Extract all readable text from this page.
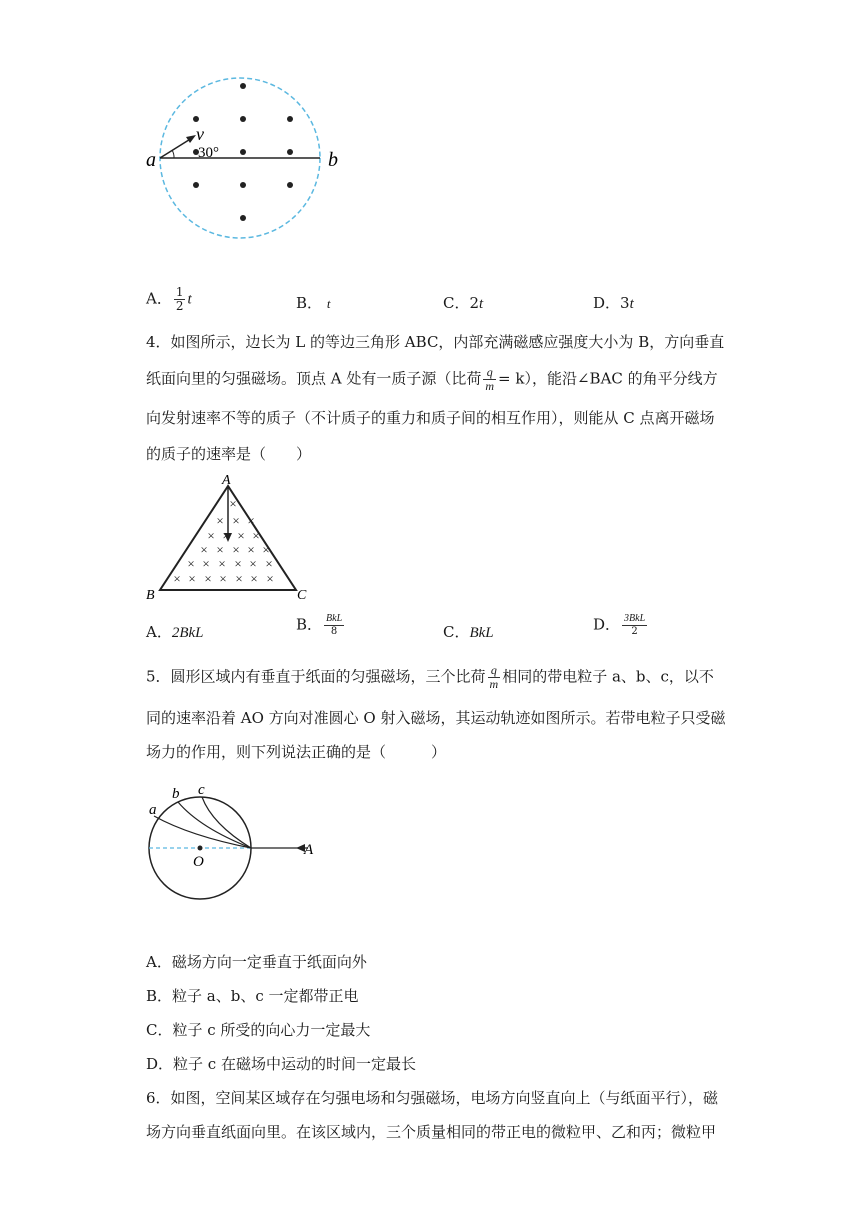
a	b
v
30°
A． $\frac{1}{2}$ t	B． t	C．2t	D．3t
4．如图所示，边长为 L 的等边三角形 ABC，内部充满磁感应强度大小为 B，方向垂直
纸面向里的匀强磁场。顶点 A 处有一质子源（比荷 $\frac{q}{m} = k$），能沿∠BAC 的角平分线方
向发射速率不等的质子（不计质子的重力和质子间的相互作用），则能从 C 点离开磁场
的质子的速率是（　　）
×
× × ×
× × × ×
× × × × ×
× × × × × ×
× × × × × × ×
A
B	C
A．2BkL	B． $\frac{\text{BkL}}{8}$	C．BkL	D． $\frac{\text{3BkL}}{2}$
5．圆形区域内有垂直于纸面的匀强磁场，三个比荷 $\frac{q}{m}$ 相同的带电粒子 a、b、c，以不
同的速率沿着 AO 方向对准圆心 O 射入磁场，其运动轨迹如图所示。若带电粒子只受磁
场力的作用，则下列说法正确的是（　　　）
a
b c
O
A
A．磁场方向一定垂直于纸面向外
B．粒子 a、b、c 一定都带正电
C．粒子 c 所受的向心力一定最大
D．粒子 c 在磁场中运动的时间一定最长
6．如图，空间某区域存在匀强电场和匀强磁场，电场方向竖直向上（与纸面平行），磁
场方向垂直纸面向里。在该区域内，三个质量相同的带正电的微粒甲、乙和丙；微粒甲
